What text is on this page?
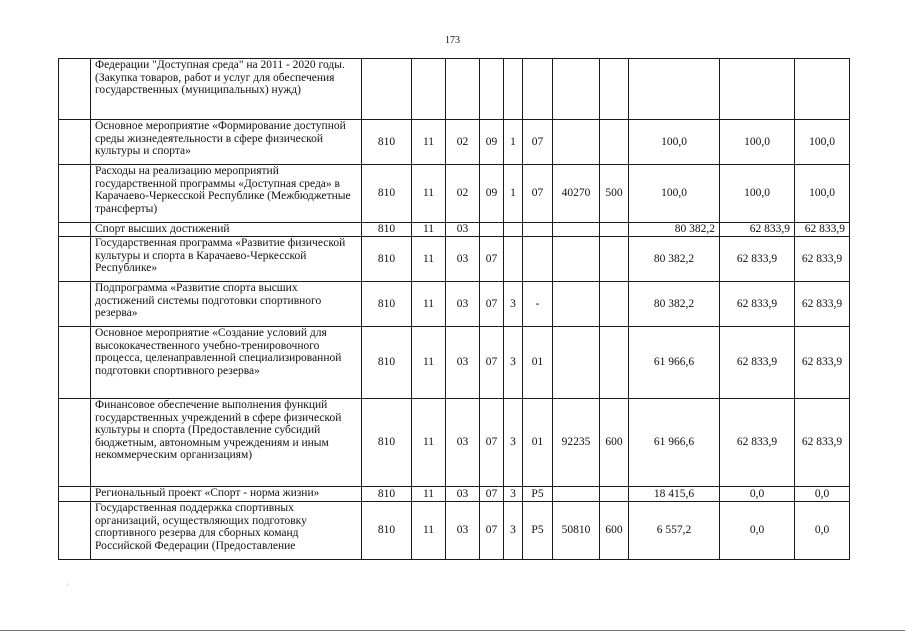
173
	Федерации "Доступная среда" на 2011 - 2020 годы. (Закупка товаров, работ и услуг для обеспечения государственных (муниципальных) нужд)											
	Основное мероприятие «Формирование доступной среды жизнедеятельности в сфере физической культуры и спорта»	810	11	02	09	1	07			100,0	100,0	100,0
	Расходы на реализацию мероприятий государственной программы «Доступная среда» в Карачаево-Черкесской Республике (Межбюджетные трансферты)	810	11	02	09	1	07	40270	500	100,0	100,0	100,0
	Спорт высших достижений	810	11	03						80 382,2	62 833,9	62 833,9
	Государственная программа «Развитие физической культуры и спорта в Карачаево-Черкесской Республике»	810	11	03	07					80 382,2	62 833,9	62 833,9
	Подпрограмма «Развитие спорта высших достижений системы подготовки спортивного резерва»	810	11	03	07	3	-			80 382,2	62 833,9	62 833,9
	Основное мероприятие «Создание условий для высококачественного учебно-тренировочного процесса, целенаправленной специализированной подготовки спортивного резерва»	810	11	03	07	3	01			61 966,6	62 833,9	62 833,9
	Финансовое обеспечение выполнения функций государственных учреждений в сфере физической культуры и спорта (Предоставление субсидий бюджетным, автономным учреждениям и иным некоммерческим организациям)	810	11	03	07	3	01	92235	600	61 966,6	62 833,9	62 833,9
	Региональный проект «Спорт - норма жизни»	810	11	03	07	3	P5			18 415,6	0,0	0,0
	Государственная поддержка спортивных организаций, осуществляющих подготовку спортивного резерва для сборных команд Российской Федерации (Предоставление	810	11	03	07	3	P5	50810	600	6 557,2	0,0	0,0
'
